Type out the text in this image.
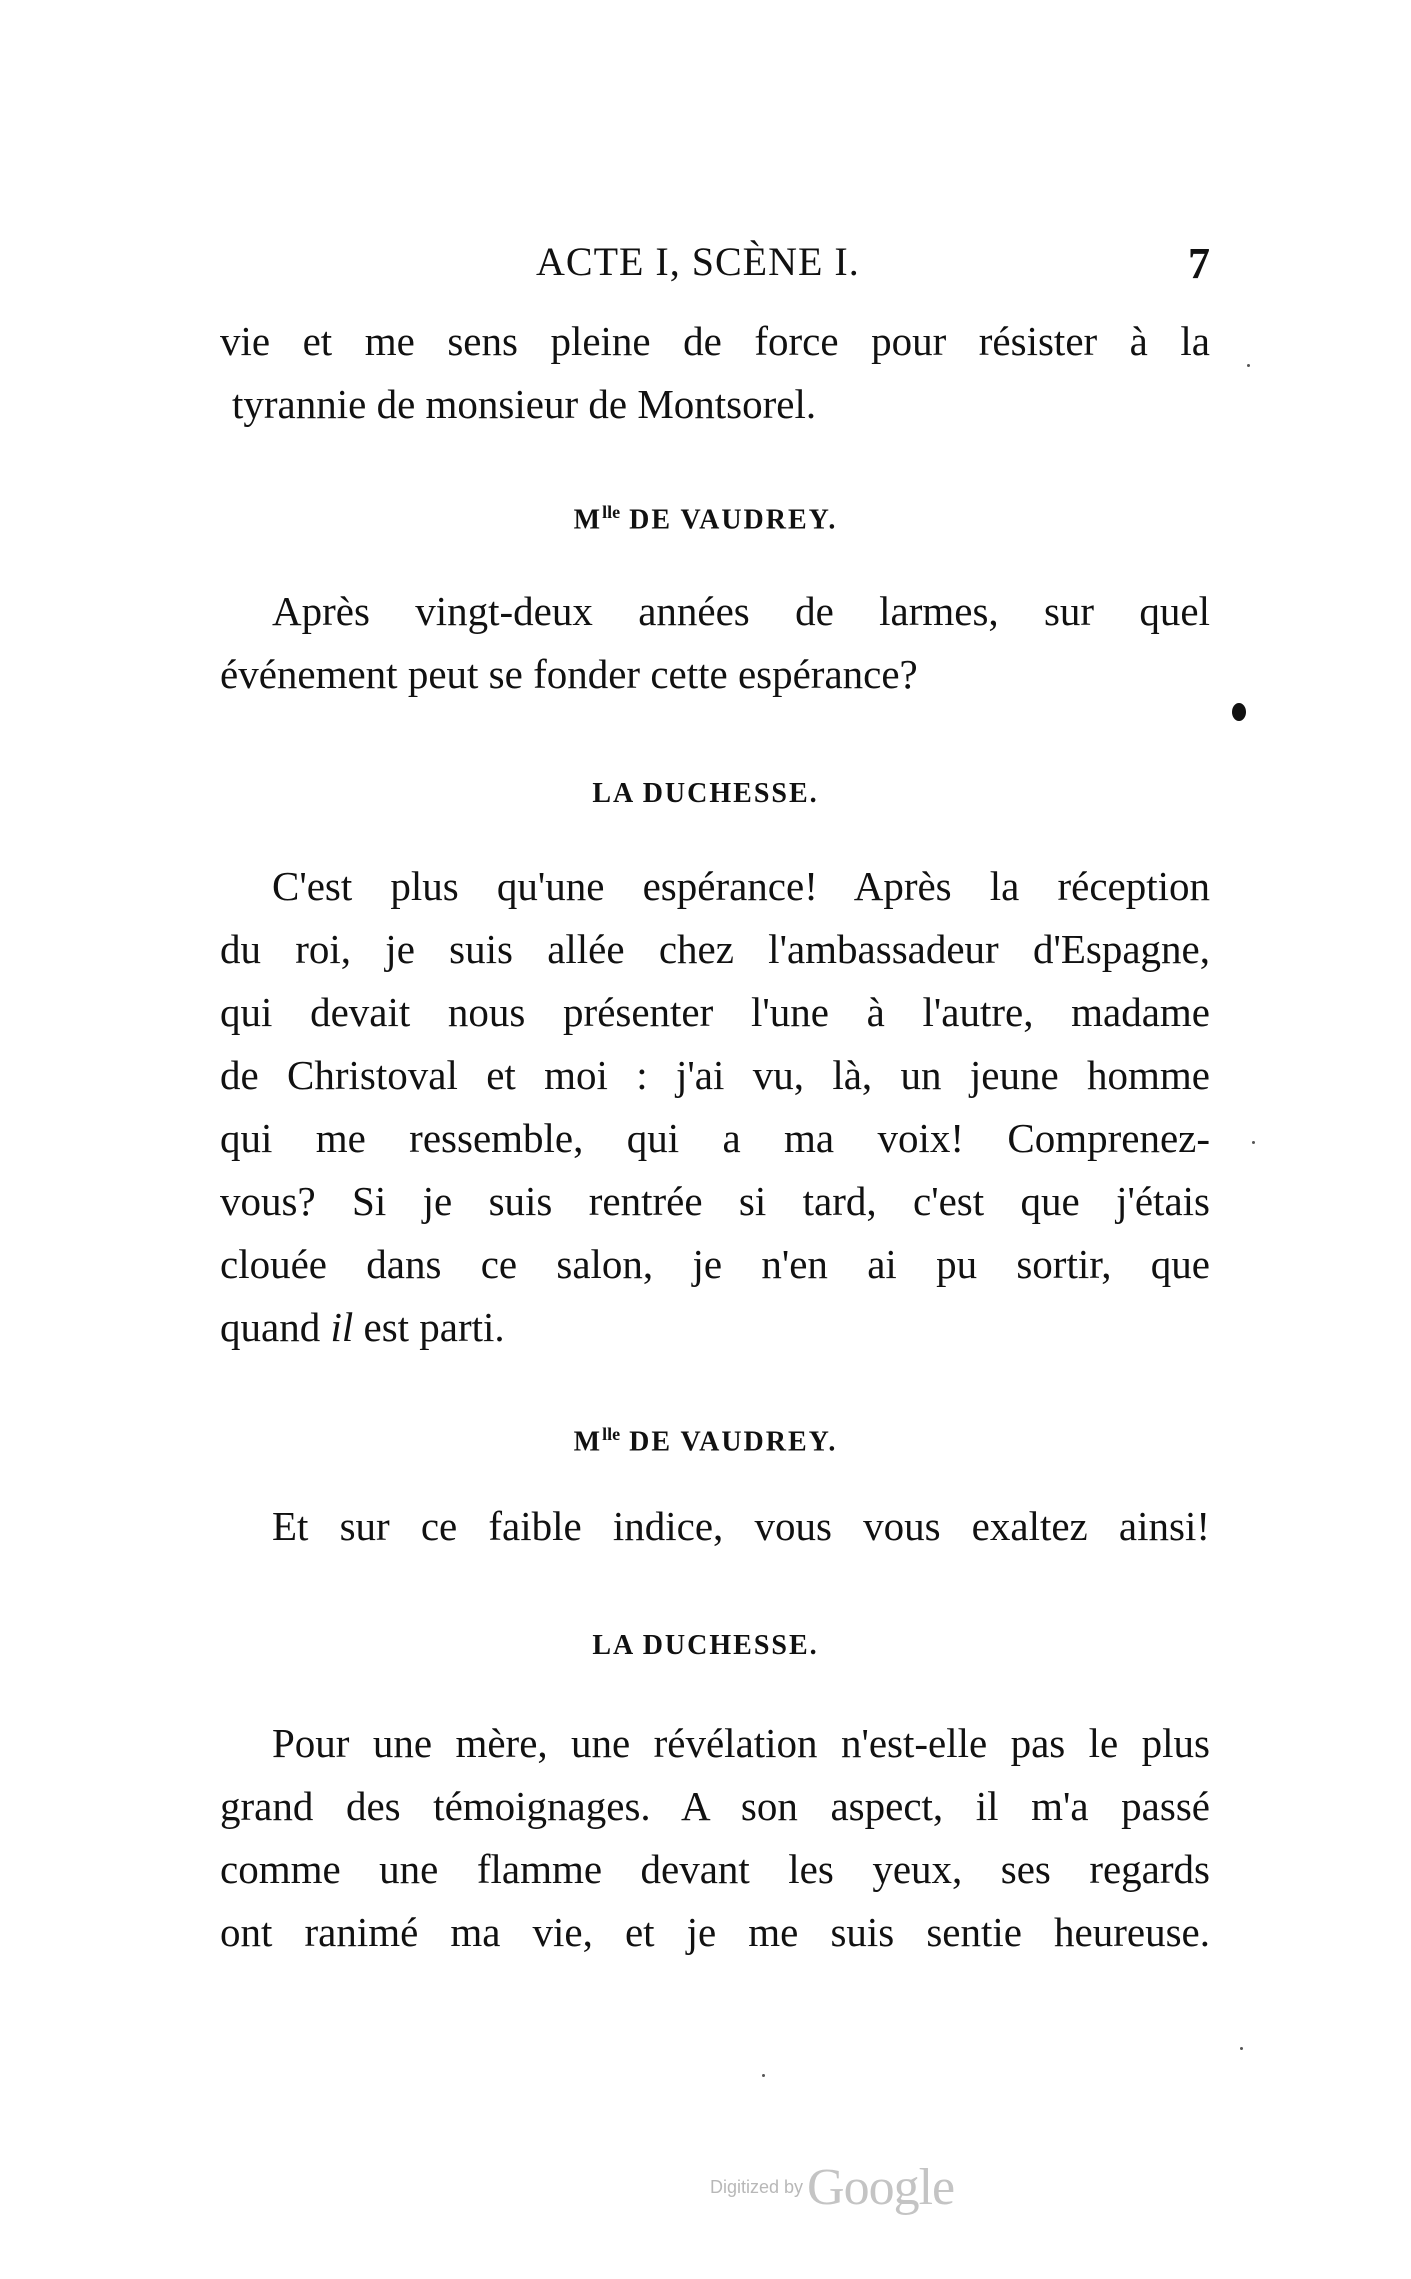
ACTE I, SCÈNE I.	7

vie et me sens pleine de force pour résister à la
tyrannie de monsieur de Montsorel.

$M^{lle}$ DE VAUDREY.

Après vingt-deux années de larmes, sur quel
événement peut se fonder cette espérance?

LA DUCHESSE.

C'est plus qu'une espérance! Après la réception
du roi, je suis allée chez l'ambassadeur d'Espagne,
qui devait nous présenter l'une à l'autre, madame
de Christoval et moi : j'ai vu, là, un jeune homme
qui me ressemble, qui a ma voix! Comprenez-
vous? Si je suis rentrée si tard, c'est que j'étais
clouée dans ce salon, je n'en ai pu sortir, que
quand il est parti.

$M^{lle}$ DE VAUDREY.

Et sur ce faible indice, vous vous exaltez ainsi!

LA DUCHESSE.

Pour une mère, une révélation n'est-elle pas le plus
grand des témoignages. A son aspect, il m'a passé
comme une flamme devant les yeux, ses regards
ont ranimé ma vie, et je me suis sentie heureuse.

Digitized by Google
